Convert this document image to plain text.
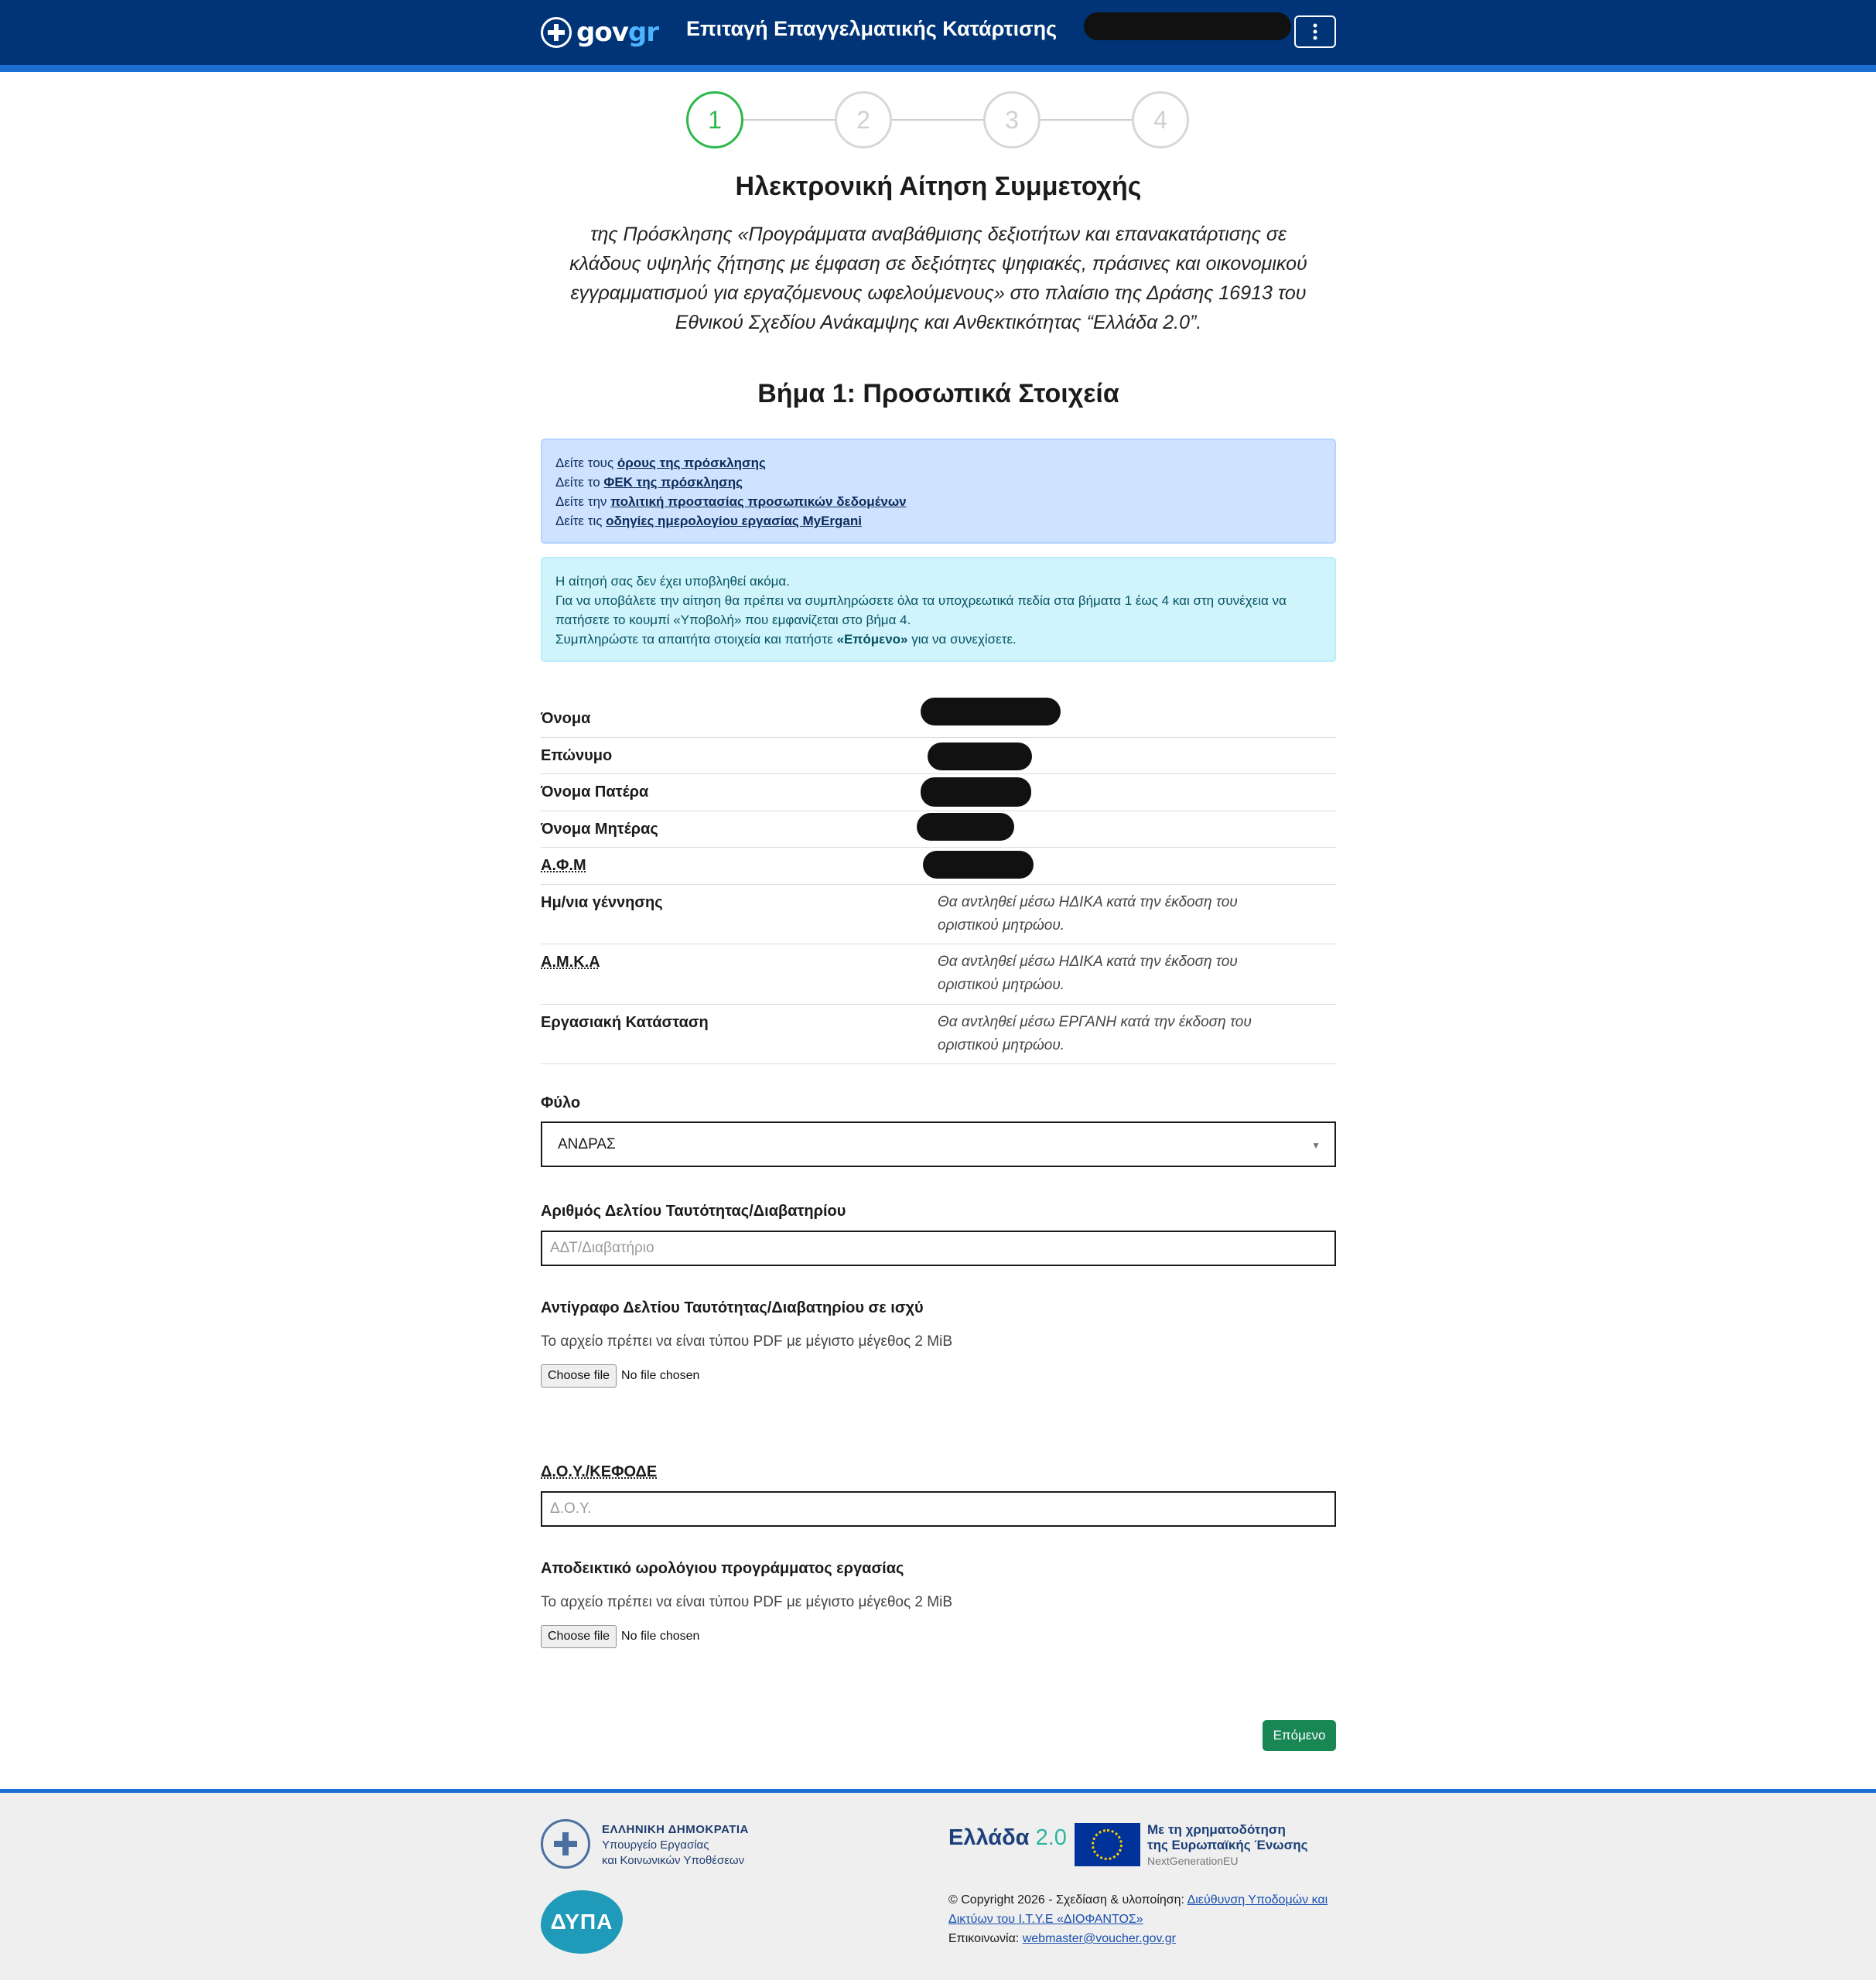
govgr Επιταγή Επαγγελματικής Κατάρτισης
1	2	3	4
Ηλεκτρονική Αίτηση Συμμετοχής
της Πρόσκλησης «Προγράμματα αναβάθμισης δεξιοτήτων και επανακατάρτισης σε
κλάδους υψηλής ζήτησης με έμφαση σε δεξιότητες ψηφιακές, πράσινες και οικονομικού
εγγραμματισμού για εργαζόμενους ωφελούμενους» στο πλαίσιο της Δράσης 16913 του
Εθνικού Σχεδίου Ανάκαμψης και Ανθεκτικότητας “Ελλάδα 2.0”.
Βήμα 1: Προσωπικά Στοιχεία
Δείτε τους όρους της πρόσκλησης
Δείτε το ΦΕΚ της πρόσκλησης
Δείτε την πολιτική προστασίας προσωπικών δεδομένων
Δείτε τις οδηγίες ημερολογίου εργασίας MyErgani
Η αίτησή σας δεν έχει υποβληθεί ακόμα.
Για να υποβάλετε την αίτηση θα πρέπει να συμπληρώσετε όλα τα υποχρεωτικά πεδία στα βήματα 1 έως 4 και στη συνέχεια να
πατήσετε το κουμπί «Υποβολή» που εμφανίζεται στο βήμα 4.
Συμπληρώστε τα απαιτήτα στοιχεία και πατήστε «Επόμενο» για να συνεχίσετε.
Όνομα
Επώνυμο
Όνομα Πατέρα
Όνομα Μητέρας
Α.Φ.Μ
Ημ/νια γέννησης	Θα αντληθεί μέσω ΗΔΙΚΑ κατά την έκδοση του
οριστικού μητρώου.
Α.Μ.Κ.Α	Θα αντληθεί μέσω ΗΔΙΚΑ κατά την έκδοση του
οριστικού μητρώου.
Εργασιακή Κατάσταση	Θα αντληθεί μέσω ΕΡΓΑΝΗ κατά την έκδοση του
οριστικού μητρώου.
Φύλο
ΑΝΔΡΑΣ	▼
Αριθμός Δελτίου Ταυτότητας/Διαβατηρίου
ΑΔΤ/Διαβατήριο
Αντίγραφο Δελτίου Ταυτότητας/Διαβατηρίου σε ισχύ
Το αρχείο πρέπει να είναι τύπου PDF με μέγιστο μέγεθος 2 MiB
Choose file No file chosen
Δ.Ο.Υ./ΚΕΦΟΔΕ
Δ.Ο.Υ.
Αποδεικτικό ωρολόγιου προγράμματος εργασίας
Το αρχείο πρέπει να είναι τύπου PDF με μέγιστο μέγεθος 2 MiB
Choose file No file chosen
Επόμενο
ΕΛΛΗΝΙΚΗ ΔΗΜΟΚΡΑΤΙΑ
Υπουργείο Εργασίας
και Κοινωνικών Υποθέσεων
ΔΥΠΑ
Ελλάδα 2.0	Με τη χρηματοδότηση
της Ευρωπαϊκής Ένωσης
NextGenerationEU
© Copyright 2026 - Σχεδίαση & υλοποίηση: Διεύθυνση Υποδομών και Δικτύων του Ι.Τ.Υ.Ε «ΔΙΟΦΑΝΤΟΣ»
Επικοινωνία: webmaster@voucher.gov.gr
